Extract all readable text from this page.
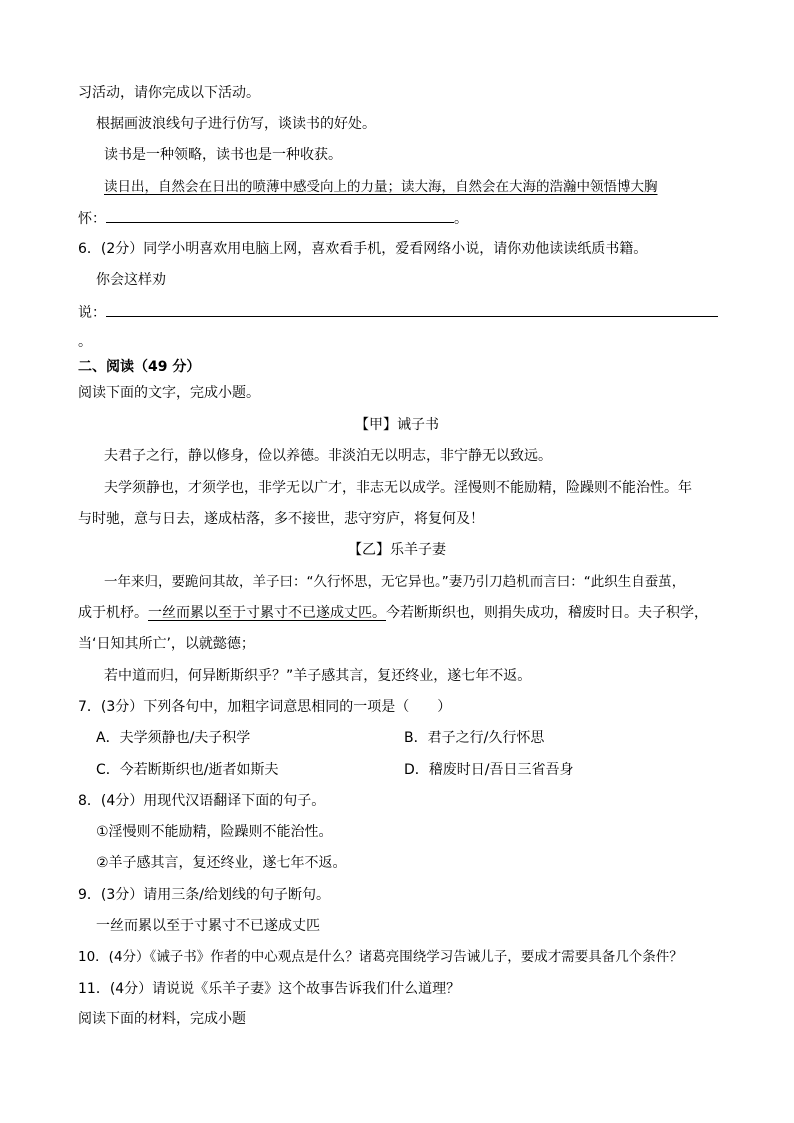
习活动，请你完成以下活动。
根据画波浪线句子进行仿写，谈读书的好处。
读书是一种领略，读书也是一种收获。
读日出，自然会在日出的喷薄中感受向上的力量；读大海，自然会在大海的浩瀚中领悟博大胸
怀：	。
6．(2分）同学小明喜欢用电脑上网，喜欢看手机，爱看网络小说，请你劝他读读纸质书籍。
你会这样劝
说：
。
二、阅读（49 分）
阅读下面的文字，完成小题。
【甲】诫子书
夫君子之行，静以修身，俭以养德。非淡泊无以明志，非宁静无以致远。
夫学须静也，才须学也，非学无以广才，非志无以成学。淫慢则不能励精，险躁则不能治性。年
与时驰，意与日去，遂成枯落，多不接世，悲守穷庐，将复何及！
【乙】乐羊子妻
一年来归，要跪问其故，羊子曰：“久行怀思，无它异也。”妻乃引刀趋机而言曰：“此织生自蚕茧，
成于机杼。一丝而累以至于寸累寸不已遂成丈匹。今若断斯织也，则捐失成功，稽废时日。夫子积学，
当‘日知其所亡’，以就懿德；
若中道而归，何异断斯织乎？”羊子感其言，复还终业，遂七年不返。
7．(3分）下列各句中，加粗字词意思相同的一项是（　　）
A．夫学须静也/夫子积学	B．君子之行/久行怀思
C．今若断斯织也/逝者如斯夫	D．稽废时日/吾日三省吾身
8．(4分）用现代汉语翻译下面的句子。
①淫慢则不能励精，险躁则不能治性。
②羊子感其言，复还终业，遂七年不返。
9．(3分）请用三条/给划线的句子断句。
一丝而累以至于寸累寸不已遂成丈匹
10．(4分）《诫子书》作者的中心观点是什么？诸葛亮围绕学习告诫儿子，要成才需要具备几个条件？
11．(4分）请说说《乐羊子妻》这个故事告诉我们什么道理？
阅读下面的材料，完成小题
